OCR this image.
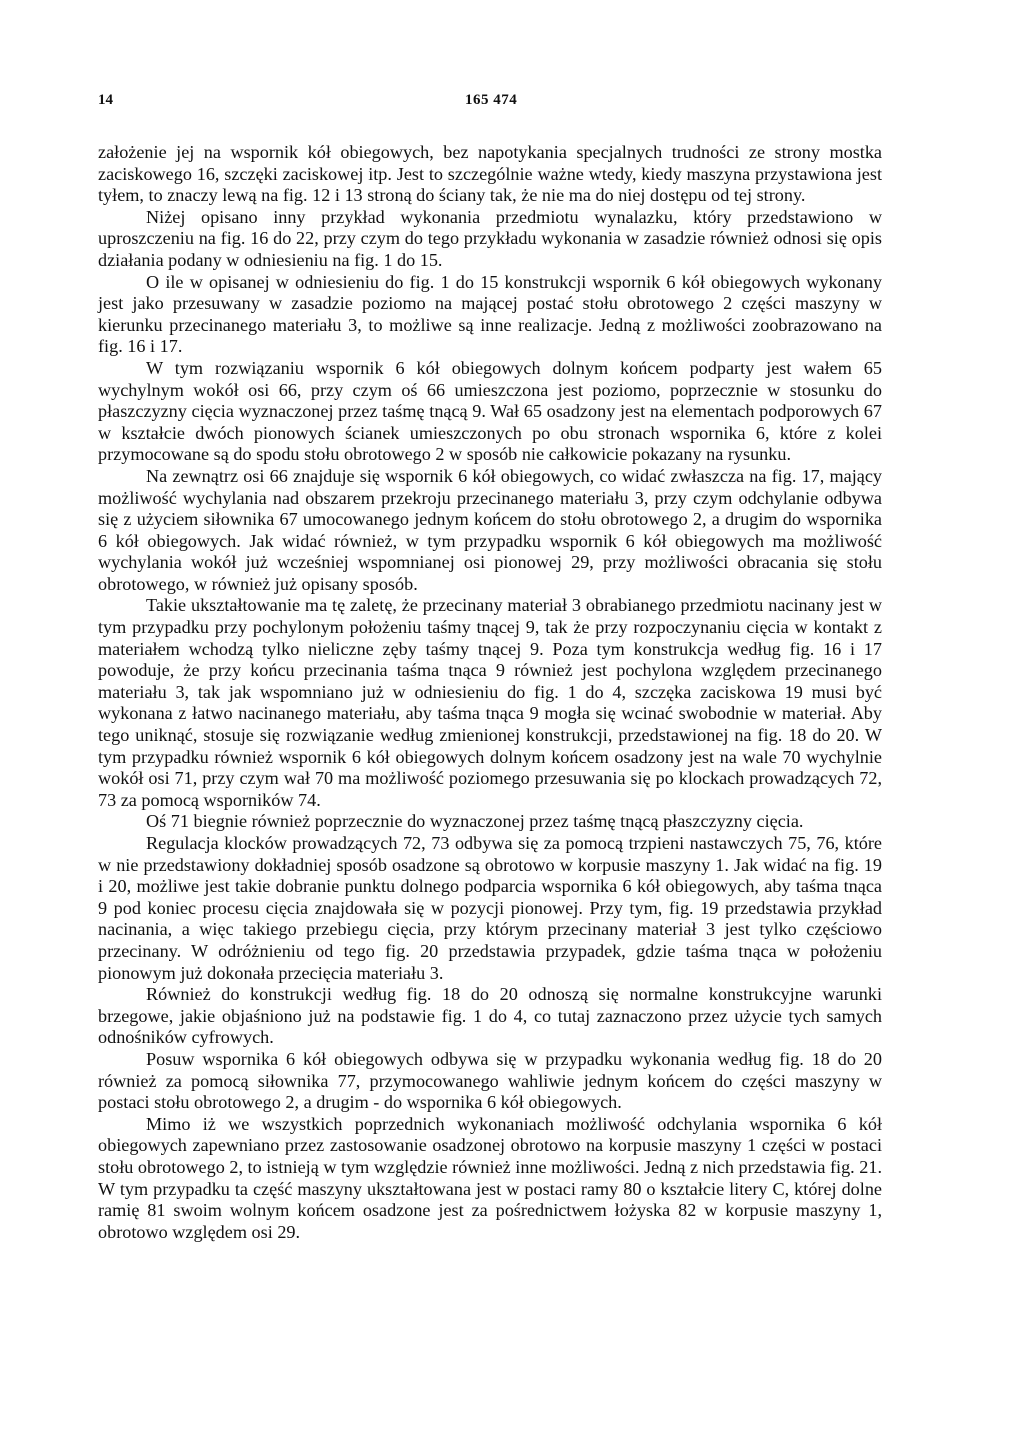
14	165 474

założenie jej na wspornik kół obiegowych, bez napotykania specjalnych trudności ze strony mostka zaciskowego 16, szczęki zaciskowej itp. Jest to szczególnie ważne wtedy, kiedy maszyna przystawiona jest tyłem, to znaczy lewą na fig. 12 i 13 stroną do ściany tak, że nie ma do niej dostępu od tej strony.

Niżej opisano inny przykład wykonania przedmiotu wynalazku, który przedstawiono w uproszczeniu na fig. 16 do 22, przy czym do tego przykładu wykonania w zasadzie również odnosi się opis działania podany w odniesieniu na fig. 1 do 15.

O ile w opisanej w odniesieniu do fig. 1 do 15 konstrukcji wspornik 6 kół obiegowych wykonany jest jako przesuwany w zasadzie poziomo na mającej postać stołu obrotowego 2 części maszyny w kierunku przecinanego materiału 3, to możliwe są inne realizacje. Jedną z możliwości zoobrazowano na fig. 16 i 17.

W tym rozwiązaniu wspornik 6 kół obiegowych dolnym końcem podparty jest wałem 65 wychylnym wokół osi 66, przy czym oś 66 umieszczona jest poziomo, poprzecznie w stosunku do płaszczyzny cięcia wyznaczonej przez taśmę tnącą 9. Wał 65 osadzony jest na elementach podporowych 67 w kształcie dwóch pionowych ścianek umieszczonych po obu stronach wspornika 6, które z kolei przymocowane są do spodu stołu obrotowego 2 w sposób nie całkowicie pokazany na rysunku.

Na zewnątrz osi 66 znajduje się wspornik 6 kół obiegowych, co widać zwłaszcza na fig. 17, mający możliwość wychylania nad obszarem przekroju przecinanego materiału 3, przy czym odchylanie odbywa się z użyciem siłownika 67 umocowanego jednym końcem do stołu obrotowego 2, a drugim do wspornika 6 kół obiegowych. Jak widać również, w tym przypadku wspornik 6 kół obiegowych ma możliwość wychylania wokół już wcześniej wspomnianej osi pionowej 29, przy możliwości obracania się stołu obrotowego, w również już opisany sposób.

Takie ukształtowanie ma tę zaletę, że przecinany materiał 3 obrabianego przedmiotu nacinany jest w tym przypadku przy pochylonym położeniu taśmy tnącej 9, tak że przy rozpoczynaniu cięcia w kontakt z materiałem wchodzą tylko nieliczne zęby taśmy tnącej 9. Poza tym konstrukcja według fig. 16 i 17 powoduje, że przy końcu przecinania taśma tnąca 9 również jest pochylona względem przecinanego materiału 3, tak jak wspomniano już w odniesieniu do fig. 1 do 4, szczęka zaciskowa 19 musi być wykonana z łatwo nacinanego materiału, aby taśma tnąca 9 mogła się wcinać swobodnie w materiał. Aby tego uniknąć, stosuje się rozwiązanie według zmienionej konstrukcji, przedstawionej na fig. 18 do 20. W tym przypadku również wspornik 6 kół obiegowych dolnym końcem osadzony jest na wale 70 wychylnie wokół osi 71, przy czym wał 70 ma możliwość poziomego przesuwania się po klockach prowadzących 72, 73 za pomocą wsporników 74.

Oś 71 biegnie również poprzecznie do wyznaczonej przez taśmę tnącą płaszczyzny cięcia.

Regulacja klocków prowadzących 72, 73 odbywa się za pomocą trzpieni nastawczych 75, 76, które w nie przedstawiony dokładniej sposób osadzone są obrotowo w korpusie maszyny 1. Jak widać na fig. 19 i 20, możliwe jest takie dobranie punktu dolnego podparcia wspornika 6 kół obiegowych, aby taśma tnąca 9 pod koniec procesu cięcia znajdowała się w pozycji pionowej. Przy tym, fig. 19 przedstawia przykład nacinania, a więc takiego przebiegu cięcia, przy którym przecinany materiał 3 jest tylko częściowo przecinany. W odróżnieniu od tego fig. 20 przedstawia przypadek, gdzie taśma tnąca w położeniu pionowym już dokonała przecięcia materiału 3.

Również do konstrukcji według fig. 18 do 20 odnoszą się normalne konstrukcyjne warunki brzegowe, jakie objaśniono już na podstawie fig. 1 do 4, co tutaj zaznaczono przez użycie tych samych odnośników cyfrowych.

Posuw wspornika 6 kół obiegowych odbywa się w przypadku wykonania według fig. 18 do 20 również za pomocą siłownika 77, przymocowanego wahliwie jednym końcem do części maszyny w postaci stołu obrotowego 2, a drugim - do wspornika 6 kół obiegowych.

Mimo iż we wszystkich poprzednich wykonaniach możliwość odchylania wspornika 6 kół obiegowych zapewniano przez zastosowanie osadzonej obrotowo na korpusie maszyny 1 części w postaci stołu obrotowego 2, to istnieją w tym względzie również inne możliwości. Jedną z nich przedstawia fig. 21. W tym przypadku ta część maszyny ukształtowana jest w postaci ramy 80 o kształcie litery C, której dolne ramię 81 swoim wolnym końcem osadzone jest za pośrednictwem łożyska 82 w korpusie maszyny 1, obrotowo względem osi 29.
